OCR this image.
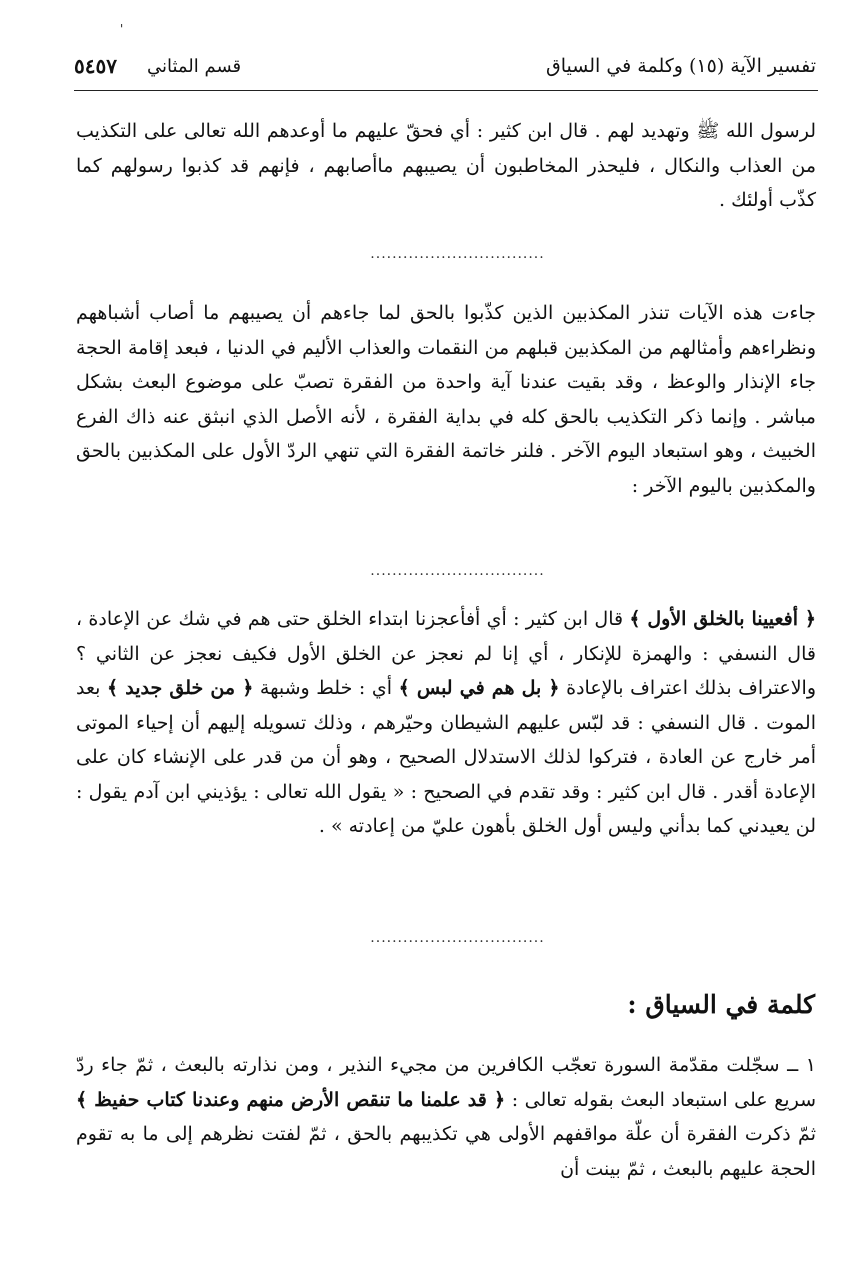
'
٥٤٥٧ قسم المثاني	تفسير الآية (١٥) وكلمة في السياق

لرسول الله ﷺ وتهديد لهم . قال ابن كثير : أي فحقّ عليهم ما أوعدهم الله تعالى على التكذيب من العذاب والنكال ، فليحذر المخاطبون أن يصيبهم ماأصابهم ، فإنهم قد كذبوا رسولهم كما كذّب أولئك .

................................

جاءت هذه الآيات تنذر المكذبين الذين كذّبوا بالحق لما جاءهم أن يصيبهم ما أصاب أشباههم ونظراءهم وأمثالهم من المكذبين قبلهم من النقمات والعذاب الأليم في الدنيا ، فبعد إقامة الحجة جاء الإنذار والوعظ ، وقد بقيت عندنا آية واحدة من الفقرة تصبّ على موضوع البعث بشكل مباشر . وإنما ذكر التكذيب بالحق كله في بداية الفقرة ، لأنه الأصل الذي انبثق عنه ذاك الفرع الخبيث ، وهو استبعاد اليوم الآخر . فلنر خاتمة الفقرة التي تنهي الردّ الأول على المكذبين بالحق والمكذبين باليوم الآخر :

................................

﴿ أفعيينا بالخلق الأول ﴾ قال ابن كثير : أي أفأعجزنا ابتداء الخلق حتى هم في شك عن الإعادة ، قال النسفي : والهمزة للإنكار ، أي إنا لم نعجز عن الخلق الأول فكيف نعجز عن الثاني ؟ والاعتراف بذلك اعتراف بالإعادة ﴿ بل هم في لبس ﴾ أي : خلط وشبهة ﴿ من خلق جديد ﴾ بعد الموت . قال النسفي : قد لبّس عليهم الشيطان وحيّرهم ، وذلك تسويله إليهم أن إحياء الموتى أمر خارج عن العادة ، فتركوا لذلك الاستدلال الصحيح ، وهو أن من قدر على الإنشاء كان على الإعادة أقدر . قال ابن كثير : وقد تقدم في الصحيح : « يقول الله تعالى : يؤذيني ابن آدم يقول : لن يعيدني كما بدأني وليس أول الخلق بأهون عليّ من إعادته » .

................................
كلمة في السياق :

١ ــ سجّلت مقدّمة السورة تعجّب الكافرين من مجيء النذير ، ومن نذارته بالبعث ، ثمّ جاء ردّ سريع على استبعاد البعث بقوله تعالى : ﴿ قد علمنا ما تنقص الأرض منهم وعندنا كتاب حفيظ ﴾ ثمّ ذكرت الفقرة أن علّة مواقفهم الأولى هي تكذيبهم بالحق ، ثمّ لفتت نظرهم إلى ما به تقوم الحجة عليهم بالبعث ، ثمّ بينت أن
